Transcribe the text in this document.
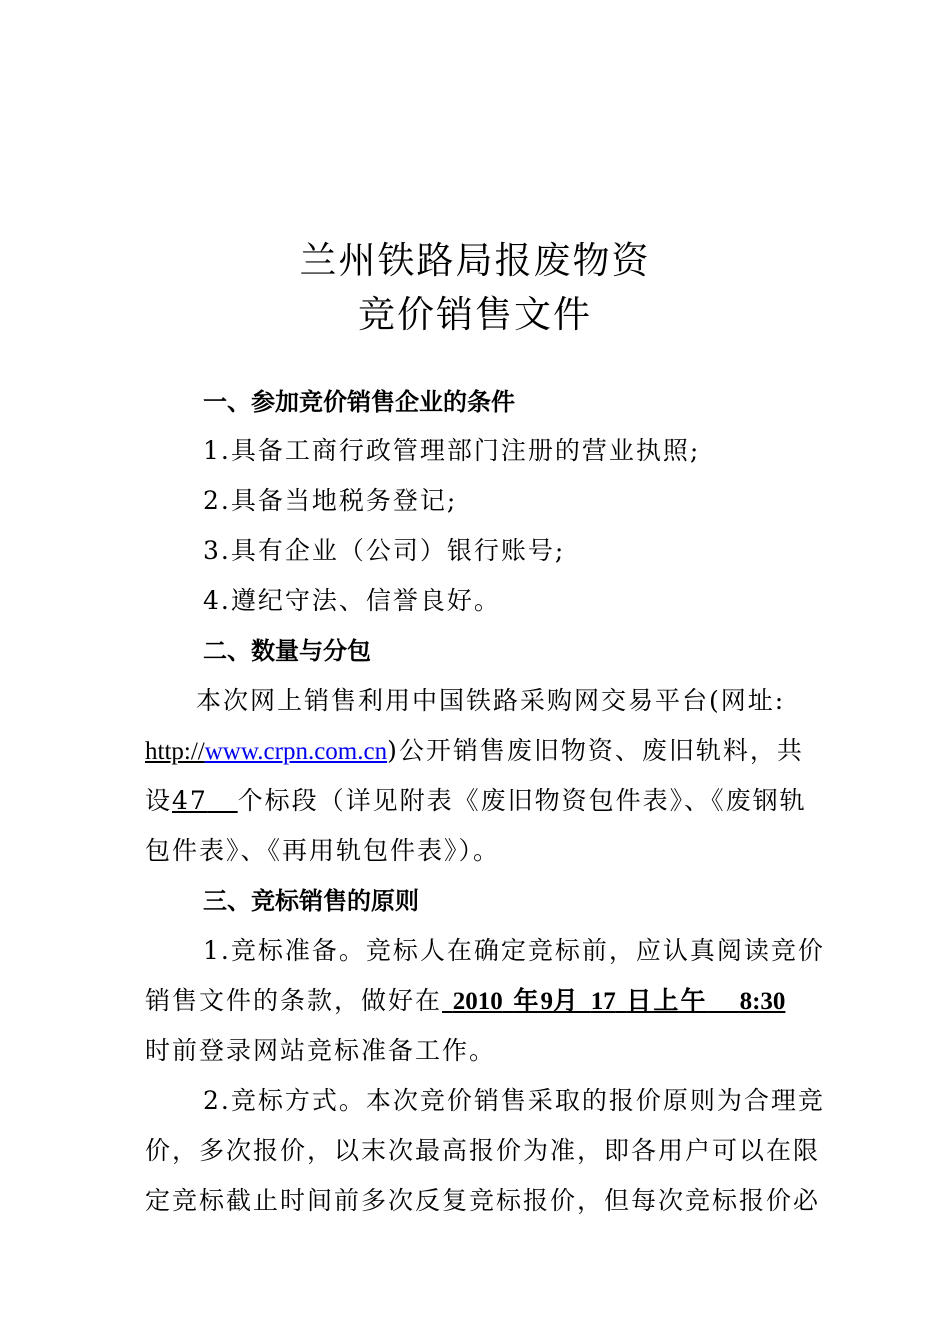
兰州铁路局报废物资
竞价销售文件
一、参加竞价销售企业的条件
1.具备工商行政管理部门注册的营业执照;
2.具备当地税务登记;
3.具有企业（公司）银行账号;
4.遵纪守法、信誉良好。
二、数量与分包
本次网上销售利用中国铁路采购网交易平台(网址:
http://www.crpn.com.cn)公开销售废旧物资、废旧轨料，共
设47 个标段（详见附表《废旧物资包件表》、《废钢轨
包件表》、《再用轨包件表》）。
三、竞标销售的原则
1.竞标准备。竞标人在确定竞标前，应认真阅读竞价
销售文件的条款，做好在 2010 年9月 17 日上午 8:30
时前登录网站竞标准备工作。
2.竞标方式。本次竞价销售采取的报价原则为合理竞
价，多次报价，以末次最高报价为准，即各用户可以在限
定竞标截止时间前多次反复竞标报价，但每次竞标报价必
